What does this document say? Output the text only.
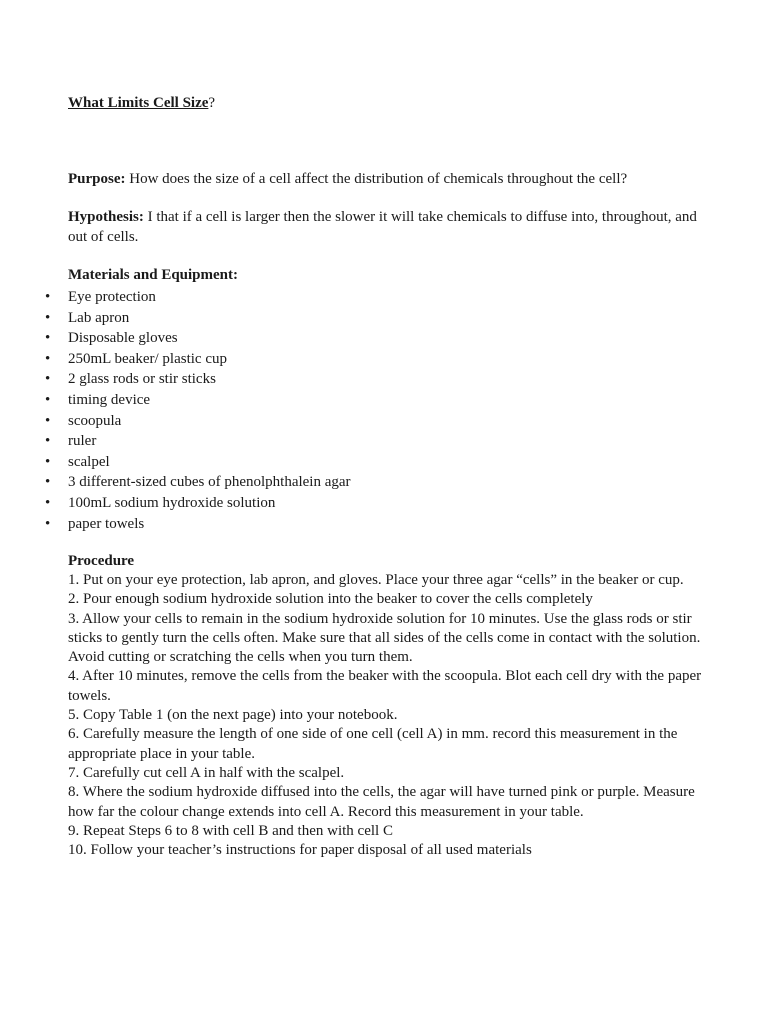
What Limits Cell Size?
Purpose: How does the size of a cell affect the distribution of chemicals throughout the cell?
Hypothesis: I that if a cell is larger then the slower it will take chemicals to diffuse into, throughout, and out of cells.
Materials and Equipment:
• Eye protection
• Lab apron
• Disposable gloves
• 250mL beaker/ plastic cup
• 2 glass rods or stir sticks
• timing device
• scoopula
• ruler
• scalpel
• 3 different-sized cubes of phenolphthalein agar
• 100mL sodium hydroxide solution
• paper towels
Procedure
1. Put on your eye protection, lab apron, and gloves. Place your three agar “cells” in the beaker or cup.
2. Pour enough sodium hydroxide solution into the beaker to cover the cells completely
3. Allow your cells to remain in the sodium hydroxide solution for 10 minutes. Use the glass rods or stir sticks to gently turn the cells often. Make sure that all sides of the cells come in contact with the solution. Avoid cutting or scratching the cells when you turn them.
4. After 10 minutes, remove the cells from the beaker with the scoopula. Blot each cell dry with the paper towels.
5. Copy Table 1 (on the next page) into your notebook.
6. Carefully measure the length of one side of one cell (cell A) in mm. record this measurement in the appropriate place in your table.
7. Carefully cut cell A in half with the scalpel.
8. Where the sodium hydroxide diffused into the cells, the agar will have turned pink or purple. Measure how far the colour change extends into cell A. Record this measurement in your table.
9. Repeat Steps 6 to 8 with cell B and then with cell C
10. Follow your teacher’s instructions for paper disposal of all used materials
